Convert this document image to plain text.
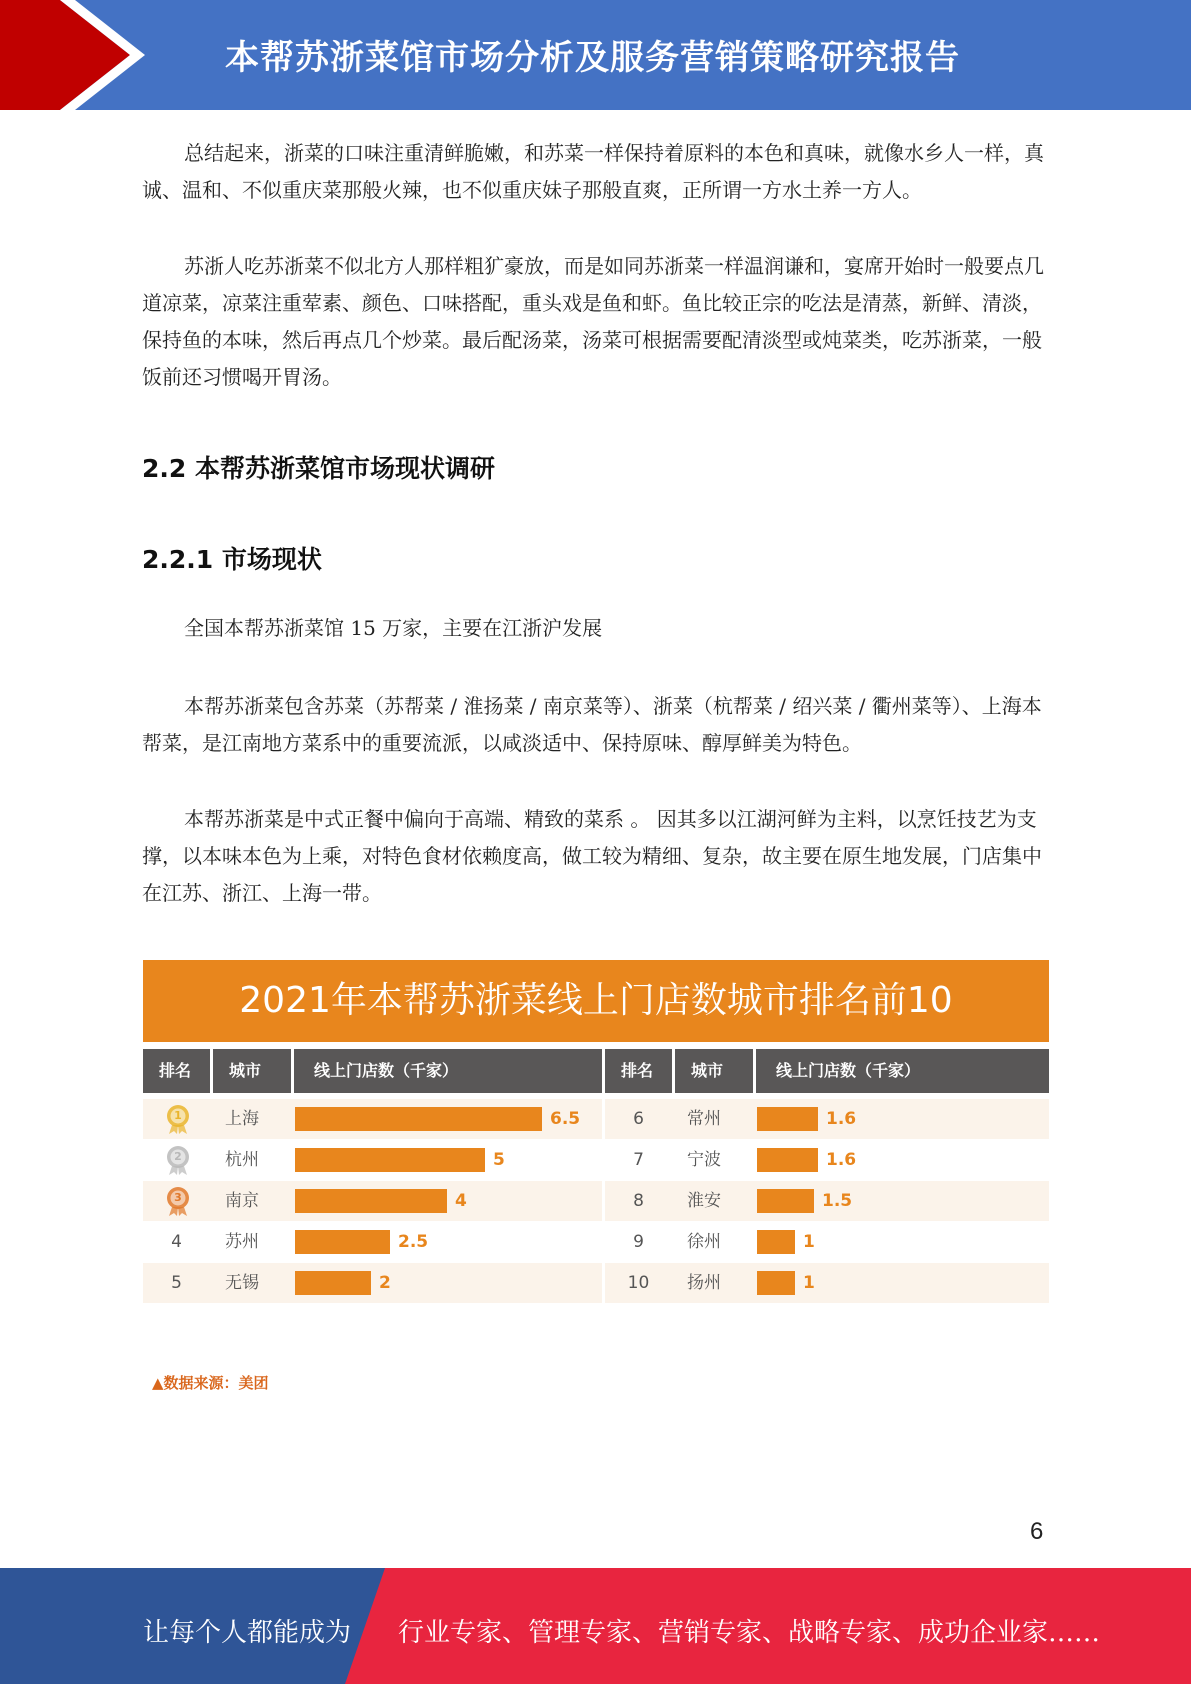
本帮苏浙菜馆市场分析及服务营销策略研究报告
总结起来，浙菜的口味注重清鲜脆嫩，和苏菜一样保持着原料的本色和真味，就像水乡人一样，真诚、温和、不似重庆菜那般火辣，也不似重庆妹子那般直爽，正所谓一方水土养一方人。
苏浙人吃苏浙菜不似北方人那样粗犷豪放，而是如同苏浙菜一样温润谦和，宴席开始时一般要点几道凉菜，凉菜注重荤素、颜色、口味搭配，重头戏是鱼和虾。鱼比较正宗的吃法是清蒸，新鲜、清淡，保持鱼的本味，然后再点几个炒菜。最后配汤菜，汤菜可根据需要配清淡型或炖菜类，吃苏浙菜，一般饭前还习惯喝开胃汤。
2.2 本帮苏浙菜馆市场现状调研
2.2.1 市场现状
全国本帮苏浙菜馆 15 万家，主要在江浙沪发展
本帮苏浙菜包含苏菜（苏帮菜 / 淮扬菜 / 南京菜等）、浙菜（杭帮菜 / 绍兴菜 / 衢州菜等）、上海本帮菜，是江南地方菜系中的重要流派，以咸淡适中、保持原味、醇厚鲜美为特色。
本帮苏浙菜是中式正餐中偏向于高端、精致的菜系 。 因其多以江湖河鲜为主料，以烹饪技艺为支撑，以本味本色为上乘，对特色食材依赖度高，做工较为精细、复杂，故主要在原生地发展，门店集中在江苏、浙江、上海一带。
2021年本帮苏浙菜线上门店数城市排名前10
排名	城市	线上门店数（千家）	排名	城市	线上门店数（千家）
1	上海	6.5
2	杭州	5
3	南京	4
4	苏州	2.5
5	无锡	2
6	常州	1.6
7	宁波	1.6
8	淮安	1.5
9	徐州	1
10	扬州	1
▲数据来源：美团
6
让每个人都能成为 行业专家、管理专家、营销专家、战略专家、成功企业家……
